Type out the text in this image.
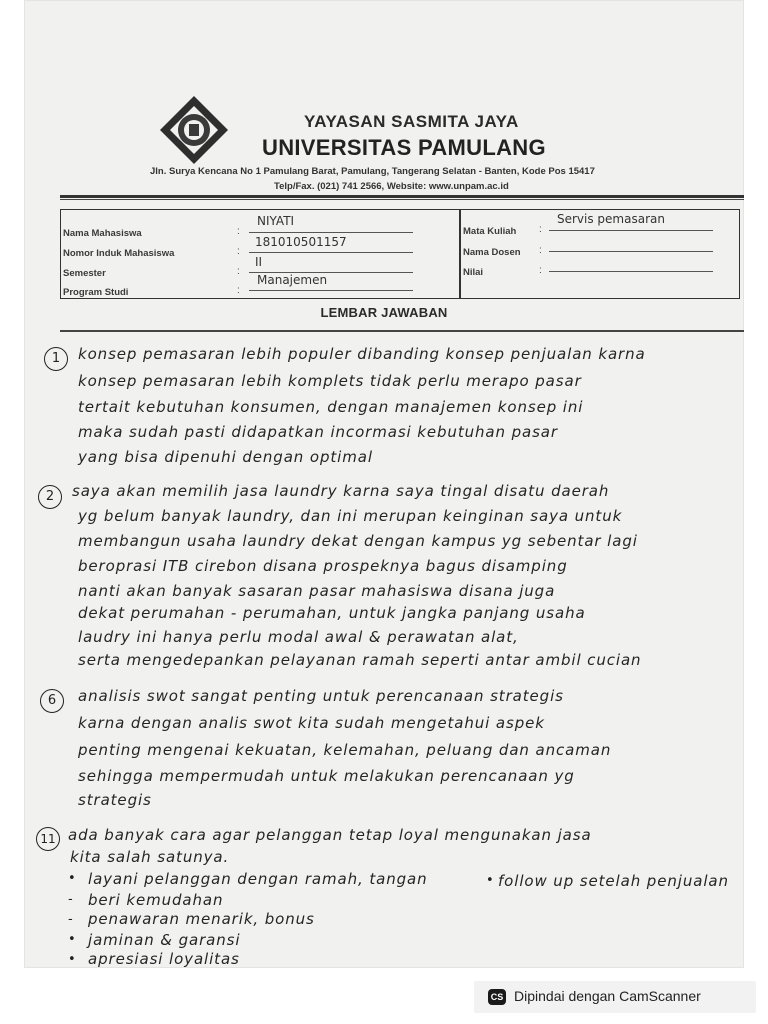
YAYASAN SASMITA JAYA
UNIVERSITAS PAMULANG
Jln. Surya Kencana No 1 Pamulang Barat, Pamulang, Tangerang Selatan - Banten, Kode Pos 15417
Telp/Fax. (021) 741 2566, Website: www.unpam.ac.id
Nama Mahasiswa	:
NIYATI
Nomor Induk Mahasiswa	:
181010501157
Semester	:
II
Program Studi	:
Manajemen
Mata Kuliah :
Servis pemasaran
Nama Dosen :
Nilai	:
LEMBAR JAWABAN
1	konsep pemasaran lebih populer dibanding konsep penjualan karna
konsep pemasaran lebih komplets tidak perlu merapo pasar
tertait kebutuhan konsumen, dengan manajemen konsep ini
maka sudah pasti didapatkan incormasi kebutuhan pasar
yang bisa dipenuhi dengan optimal
2	saya akan memilih jasa laundry karna saya tingal disatu daerah
yg belum banyak laundry, dan ini merupan keinginan saya untuk
membangun usaha laundry dekat dengan kampus yg sebentar lagi
beroprasi ITB cirebon disana prospeknya bagus disamping
nanti akan banyak sasaran pasar mahasiswa disana juga
dekat perumahan - perumahan, untuk jangka panjang usaha
laudry ini hanya perlu modal awal & perawatan alat,
serta mengedepankan pelayanan ramah seperti antar ambil cucian
6	analisis swot sangat penting untuk perencanaan strategis
karna dengan analis swot kita sudah mengetahui aspek
penting mengenai kekuatan, kelemahan, peluang dan ancaman
sehingga mempermudah untuk melakukan perencanaan yg
strategis
11 ada banyak cara agar pelanggan tetap loyal mengunakan jasa
kita salah satunya.
• layani pelanggan dengan ramah, tangan	• follow up setelah penjualan
- beri kemudahan
- penawaran menarik, bonus
• jaminan & garansi
• apresiasi loyalitas
CS Dipindai dengan CamScanner
